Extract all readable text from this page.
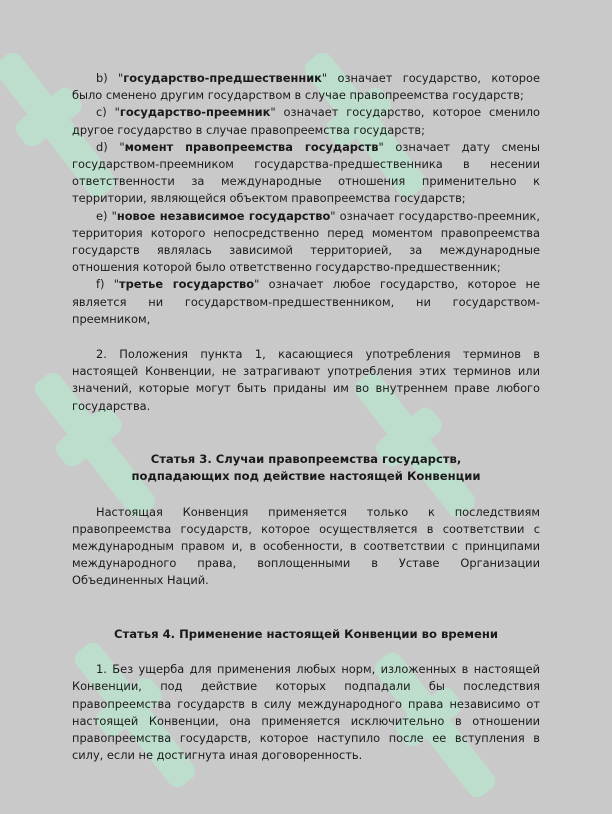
b) "государство-предшественник" означает государство, которое было сменено другим государством в случае правопреемства государств;

c) "государство-преемник" означает государство, которое сменило другое государство в случае правопреемства государств;

d) "момент правопреемства государств" означает дату смены государством-преемником государства-предшественника в несении ответственности за международные отношения применительно к территории, являющейся объектом правопреемства государств;

e) "новое независимое государство" означает государство-преемник, территория которого непосредственно перед моментом правопреемства государств являлась зависимой территорией, за международные отношения которой было ответственно государство-предшественник;

f) "третье государство" означает любое государство, которое не является ни государством-предшественником, ни государством-преемником,

2. Положения пункта 1, касающиеся употребления терминов в настоящей Конвенции, не затрагивают употребления этих терминов или значений, которые могут быть приданы им во внутреннем праве любого государства.

Статья 3. Случаи правопреемства государств,
подпадающих под действие настоящей Конвенции

Настоящая Конвенция применяется только к последствиям правопреемства государств, которое осуществляется в соответствии с международным правом и, в особенности, в соответствии с принципами международного права, воплощенными в Уставе Организации Объединенных Наций.

Статья 4. Применение настоящей Конвенции во времени

1. Без ущерба для применения любых норм, изложенных в настоящей Конвенции, под действие которых подпадали бы последствия правопреемства государств в силу международного права независимо от настоящей Конвенции, она применяется исключительно в отношении правопреемства государств, которое наступило после ее вступления в силу, если не достигнута иная договоренность.
